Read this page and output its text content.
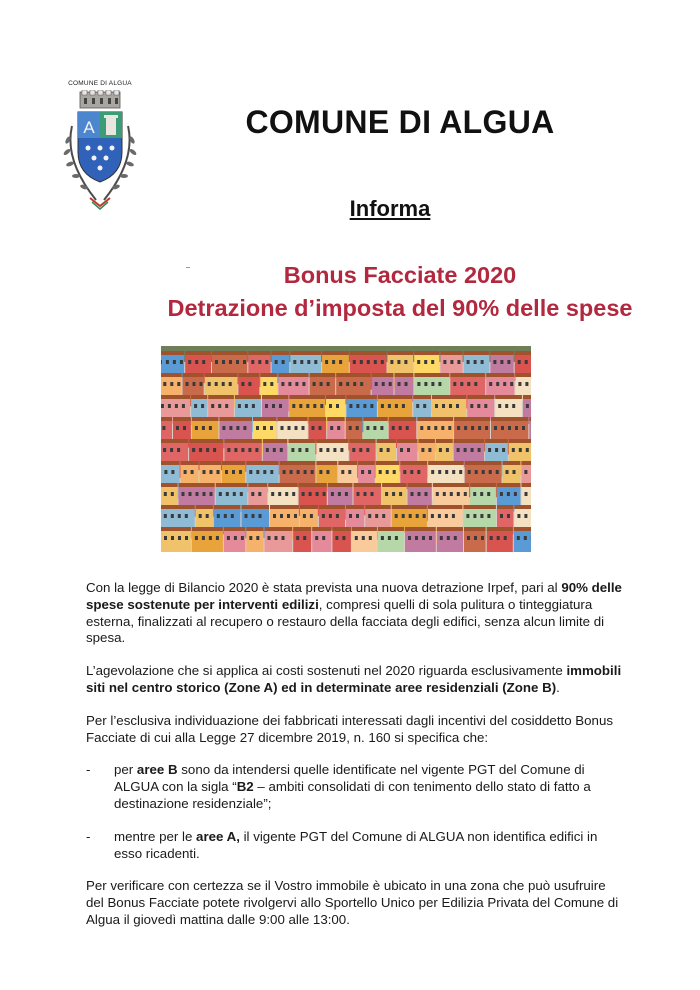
COMUNE DI ALGUA
A	COMUNE DI ALGUA
Informa
Bonus Facciate 2020
Detrazione d’imposta del 90% delle spese

Con la legge di Bilancio 2020 è stata prevista una nuova detrazione Irpef, pari al 90% delle spese sostenute per interventi edilizi, compresi quelli di sola pulitura o tinteggiatura esterna, finalizzati al recupero o restauro della facciata degli edifici, senza alcun limite di spesa.

L’agevolazione che si applica ai costi sostenuti nel 2020 riguarda esclusivamente immobili siti nel centro storico (Zone A) ed in determinate aree residenziali (Zone B).

Per l’esclusiva individuazione dei fabbricati interessati dagli incentivi del cosiddetto Bonus Facciate di cui alla Legge 27 dicembre 2019, n. 160 si specifica che:

- per aree B sono da intendersi quelle identificate nel vigente PGT del Comune di ALGUA con la sigla “B2 – ambiti consolidati di con tenimento dello stato di fatto a destinazione residenziale”;
- mentre per le aree A, il vigente PGT del Comune di ALGUA non identifica edifici in esso ricadenti.

Per verificare con certezza se il Vostro immobile è ubicato in una zona che può usufruire del Bonus Facciate potete rivolgervi allo Sportello Unico per Edilizia Privata del Comune di Algua il giovedì mattina dalle 9:00 alle 13:00.
